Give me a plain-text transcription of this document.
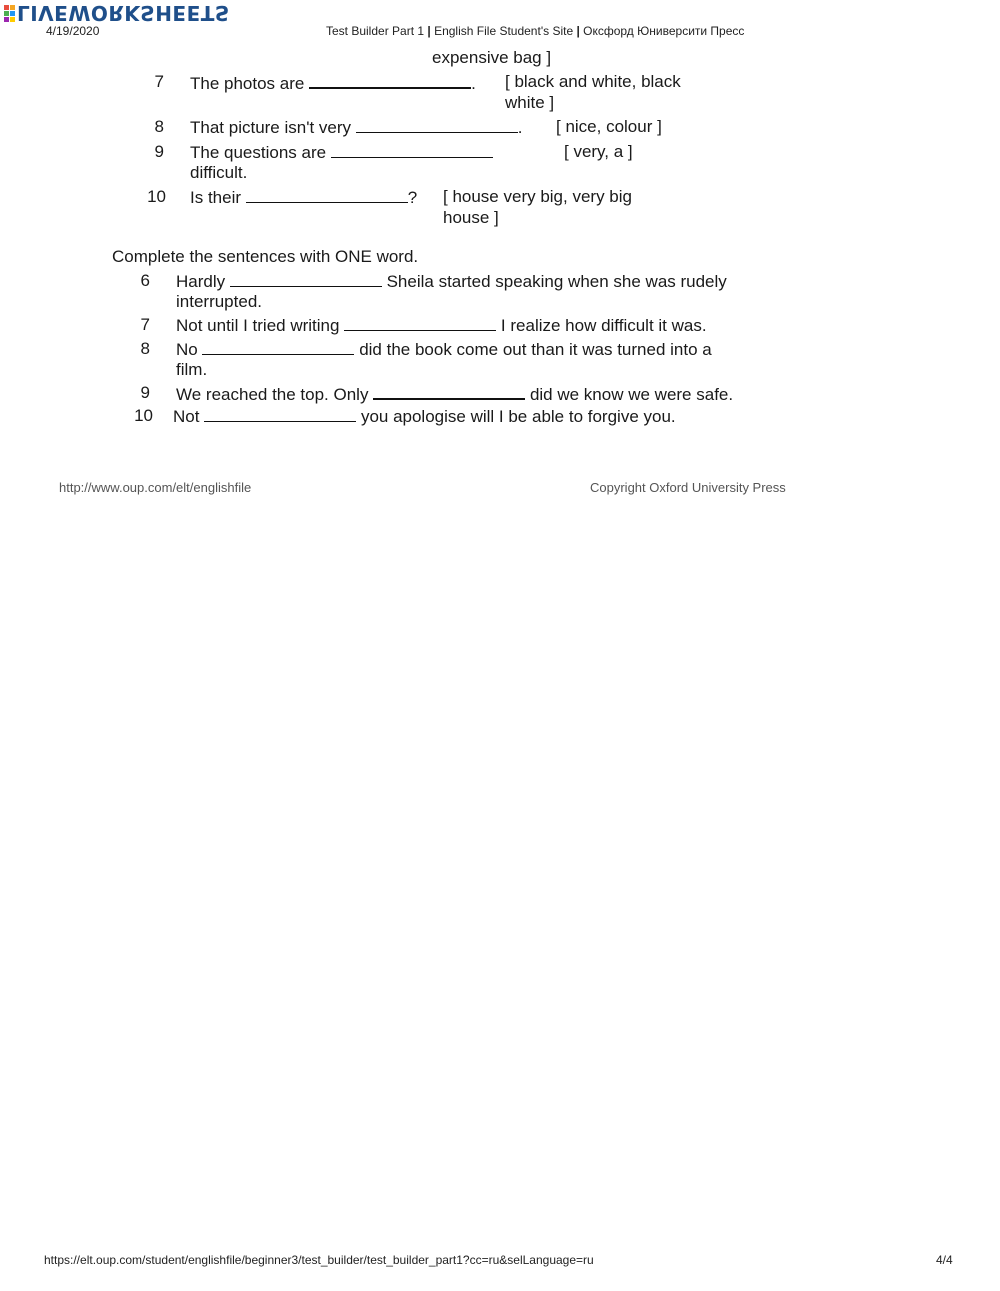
LIVEWORKSHEETS
4/19/2020	Test Builder Part 1 | English File Student's Site | Оксфорд Юниверсити Пресс
expensive bag ]
7 The photos are	. [ black and white, black
white ]
8 That picture isn't very	. [ nice, colour ]
9 The questions are	[ very, a ]
difficult.
10 Is their	? [ house very big, very big
house ]
Complete the sentences with ONE word.
6 Hardly	Sheila started speaking when she was rudely
interrupted.
7 Not until I tried writing	I realize how difficult it was.
8 No	did the book come out than it was turned into a
film.
9 We reached the top. Only	did we know we were safe.
10 Not	you apologise will I be able to forgive you.
http://www.oup.com/elt/englishfile	Copyright Oxford University Press
https://elt.oup.com/student/englishfile/beginner3/test_builder/test_builder_part1?cc=ru&selLanguage=ru	4/4
